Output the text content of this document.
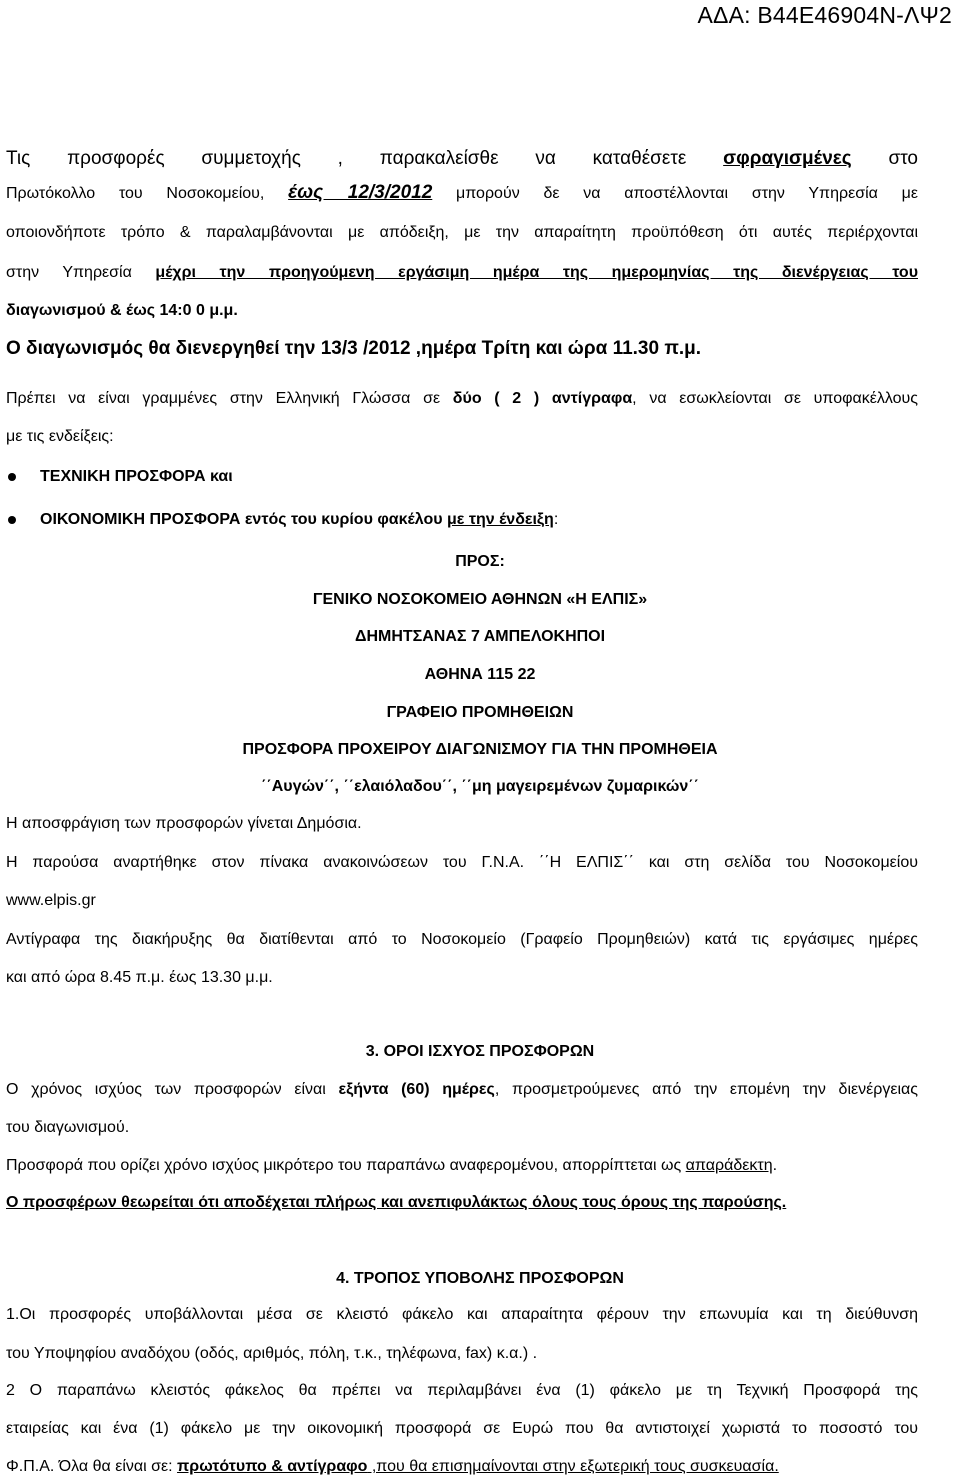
ΑΔΑ: Β44Ε46904Ν-ΛΨ2
Τις προσφορές συμμετοχής , παρακαλείσθε να καταθέσετε σφραγισμένες στο
Πρωτόκολλο του Νοσοκομείου, έως 12/3/2012 μπορούν δε να αποστέλλονται στην Υπηρεσία με
οποιονδήποτε τρόπο & παραλαμβάνονται με απόδειξη, με την απαραίτητη προϋπόθεση ότι αυτές περιέρχονται
στην Υπηρεσία μέχρι την προηγούμενη εργάσιμη ημέρα της ημερομηνίας της διενέργειας του
διαγωνισμού & έως 14:0 0 μ.μ.
Ο διαγωνισμός θα διενεργηθεί την 13/3 /2012 ,ημέρα Τρίτη και ώρα 11.30 π.μ.
Πρέπει να είναι γραμμένες στην Ελληνική Γλώσσα σε δύο ( 2 ) αντίγραφα, να εσωκλείονται σε υποφακέλλους
με τις ενδείξεις:
ΤΕΧΝΙΚΗ ΠΡΟΣΦΟΡΑ και
ΟΙΚΟΝΟΜΙΚΗ ΠΡΟΣΦΟΡΑ εντός του κυρίου φακέλου με την ένδειξη:
ΠΡΟΣ:
ΓΕΝΙΚΟ ΝΟΣΟΚΟΜΕΙΟ ΑΘΗΝΩΝ «Η ΕΛΠΙΣ»
ΔΗΜΗΤΣΑΝΑΣ 7 ΑΜΠΕΛΟΚΗΠΟΙ
ΑΘΗΝΑ 115 22
ΓΡΑΦΕΙΟ ΠΡΟΜΗΘΕΙΩΝ
ΠΡΟΣΦΟΡΑ ΠΡΟΧΕΙΡΟΥ ΔΙΑΓΩΝΙΣΜΟΥ ΓΙΑ ΤΗΝ ΠΡΟΜΗΘΕΙΑ
΄΄Αυγών΄΄, ΄΄ελαιόλαδου΄΄, ΄΄μη μαγειρεμένων ζυμαρικών΄΄
Η αποσφράγιση των προσφορών γίνεται Δημόσια.
Η παρούσα αναρτήθηκε στον πίνακα ανακοινώσεων του Γ.Ν.Α. ΄΄Η ΕΛΠΙΣ΄΄ και στη σελίδα του Νοσοκομείου
www.elpis.gr
Αντίγραφα της διακήρυξης θα διατίθενται από το Νοσοκομείο (Γραφείο Προμηθειών) κατά τις εργάσιμες ημέρες
και από ώρα 8.45 π.μ. έως 13.30 μ.μ.
3. ΟΡΟΙ ΙΣΧΥΟΣ ΠΡΟΣΦΟΡΩΝ
Ο χρόνος ισχύος των προσφορών είναι εξήντα (60) ημέρες, προσμετρούμενες από την επομένη την διενέργειας
του διαγωνισμού.
Προσφορά που ορίζει χρόνο ισχύος μικρότερο του παραπάνω αναφερομένου, απορρίπτεται ως απαράδεκτη.
Ο προσφέρων θεωρείται ότι αποδέχεται πλήρως και ανεπιφυλάκτως όλους τους όρους της παρούσης.
4. ΤΡΟΠΟΣ ΥΠΟΒΟΛΗΣ ΠΡΟΣΦΟΡΩΝ
1.Οι προσφορές υποβάλλονται μέσα σε κλειστό φάκελο και απαραίτητα φέρουν την επωνυμία και τη διεύθυνση
του Υποψηφίου αναδόχου (οδός, αριθμός, πόλη, τ.κ., τηλέφωνα, fax) κ.α.) .
2 Ο παραπάνω κλειστός φάκελος θα πρέπει να περιλαμβάνει ένα (1) φάκελο με τη Τεχνική Προσφορά της
εταιρείας και ένα (1) φάκελο με την οικονομική προσφορά σε Ευρώ που θα αντιστοιχεί χωριστά το ποσοστό του
Φ.Π.Α. Όλα θα είναι σε: πρωτότυπο & αντίγραφο ,που θα επισημαίνονται στην εξωτερική τους συσκευασία.
